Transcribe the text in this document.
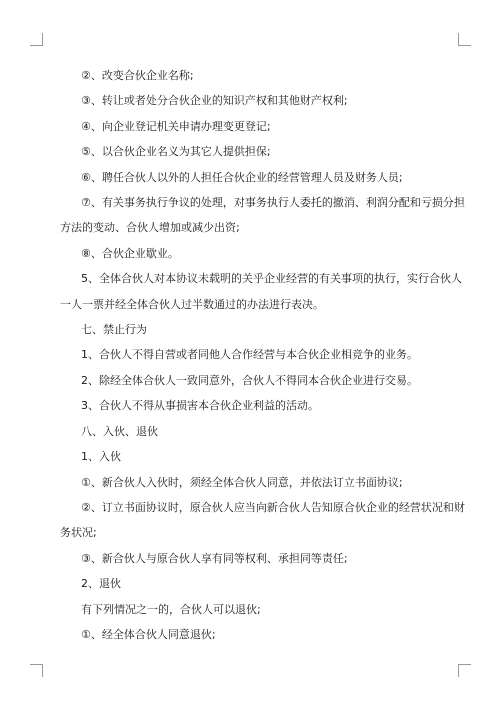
②、改变合伙企业名称;

③、转让或者处分合伙企业的知识产权和其他财产权利;

④、向企业登记机关申请办理变更登记;

⑤、以合伙企业名义为其它人提供担保;

⑥、聘任合伙人以外的人担任合伙企业的经营管理人员及财务人员;

⑦、有关事务执行争议的处理，对事务执行人委托的撤消、利润分配和亏损分担

方法的变动、合伙人增加或减少出资;

⑧、合伙企业歇业。

5、全体合伙人对本协议未载明的关乎企业经营的有关事项的执行，实行合伙人

一人一票并经全体合伙人过半数通过的办法进行表决。

七、禁止行为

1、合伙人不得自营或者同他人合作经营与本合伙企业相竞争的业务。

2、除经全体合伙人一致同意外，合伙人不得同本合伙企业进行交易。

3、合伙人不得从事损害本合伙企业利益的活动。

八、入伙、退伙

1、入伙

①、新合伙人入伙时，须经全体合伙人同意，并依法订立书面协议;

②、订立书面协议时，原合伙人应当向新合伙人告知原合伙企业的经营状况和财

务状况;

③、新合伙人与原合伙人享有同等权利、承担同等责任;

2、退伙

有下列情况之一的，合伙人可以退伙;

①、经全体合伙人同意退伙;
